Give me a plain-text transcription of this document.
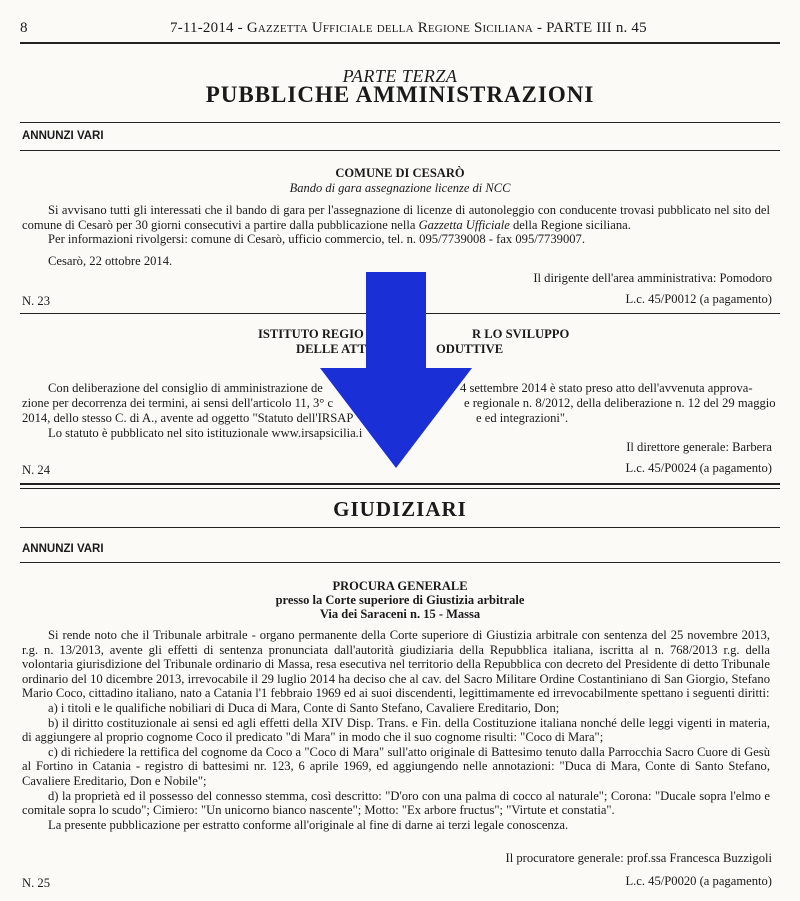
8	7-11-2014 - Gazzetta Ufficiale della Regione Siciliana - PARTE III n. 45
PARTE TERZA
PUBBLICHE AMMINISTRAZIONI
ANNUNZI VARI
COMUNE DI CESARÒ
Bando di gara assegnazione licenze di NCC

Si avvisano tutti gli interessati che il bando di gara per l'assegnazione di licenze di autonoleggio con conducente trovasi pubblicato nel sito del comune di Cesarò per 30 giorni consecutivi a partire dalla pubblicazione nella Gazzetta Ufficiale della Regione siciliana.

Per informazioni rivolgersi: comune di Cesarò, ufficio commercio, tel. n. 095/7739008 - fax 095/7739007.

Cesarò, 22 ottobre 2014.

Il dirigente dell'area amministrativa: Pomodoro
N. 23	L.c. 45/P0012 (a pagamento)
ISTITUTO REGIO	R LO SVILUPPO
DELLE ATT	ODUTTIVE
Con deliberazione del consiglio di amministrazione de	4 settembre 2014 è stato preso atto dell'avvenuta approva-
zione per decorrenza dei termini, ai sensi dell'articolo 11, 3° c	e regionale n. 8/2012, della deliberazione n. 12 del 29 maggio
2014, dello stesso C. di A., avente ad oggetto "Statuto dell'IRSAP	e ed integrazioni".
Lo statuto è pubblicato nel sito istituzionale www.irsapsicilia.i
Il direttore generale: Barbera
N. 24	L.c. 45/P0024 (a pagamento)
GIUDIZIARI
ANNUNZI VARI
PROCURA GENERALE
presso la Corte superiore di Giustizia arbitrale
Via dei Saraceni n. 15 - Massa

Si rende noto che il Tribunale arbitrale - organo permanente della Corte superiore di Giustizia arbitrale con sentenza del 25 novembre 2013, r.g. n. 13/2013, avente gli effetti di sentenza pronunciata dall'autorità giudiziaria della Repubblica italiana, iscritta al n. 768/2013 r.g. della volontaria giurisdizione del Tribunale ordinario di Massa, resa esecutiva nel territorio della Repubblica con decreto del Presidente di detto Tribunale ordinario del 10 dicembre 2013, irrevocabile il 29 luglio 2014 ha deciso che al cav. del Sacro Militare Ordine Costantiniano di San Giorgio, Stefano Mario Coco, cittadino italiano, nato a Catania l'1 febbraio 1969 ed ai suoi discendenti, legittimamente ed irrevocabilmente spettano i seguenti diritti:

a) i titoli e le qualifiche nobiliari di Duca di Mara, Conte di Santo Stefano, Cavaliere Ereditario, Don;

b) il diritto costituzionale ai sensi ed agli effetti della XIV Disp. Trans. e Fin. della Costituzione italiana nonché delle leggi vigenti in materia, di aggiungere al proprio cognome Coco il predicato "di Mara" in modo che il suo cognome risulti: "Coco di Mara";

c) di richiedere la rettifica del cognome da Coco a "Coco di Mara" sull'atto originale di Battesimo tenuto dalla Parrocchia Sacro Cuore di Gesù al Fortino in Catania - registro di battesimi nr. 123, 6 aprile 1969, ed aggiungendo nelle annotazioni: "Duca di Mara, Conte di Santo Stefano, Cavaliere Ereditario, Don e Nobile";

d) la proprietà ed il possesso del connesso stemma, così descritto: "D'oro con una palma di cocco al naturale"; Corona: "Ducale sopra l'elmo e comitale sopra lo scudo"; Cimiero: "Un unicorno bianco nascente"; Motto: "Ex arbore fructus"; "Virtute et constatia".

La presente pubblicazione per estratto conforme all'originale al fine di darne ai terzi legale conoscenza.

Il procuratore generale: prof.ssa Francesca Buzzigoli
N. 25	L.c. 45/P0020 (a pagamento)
